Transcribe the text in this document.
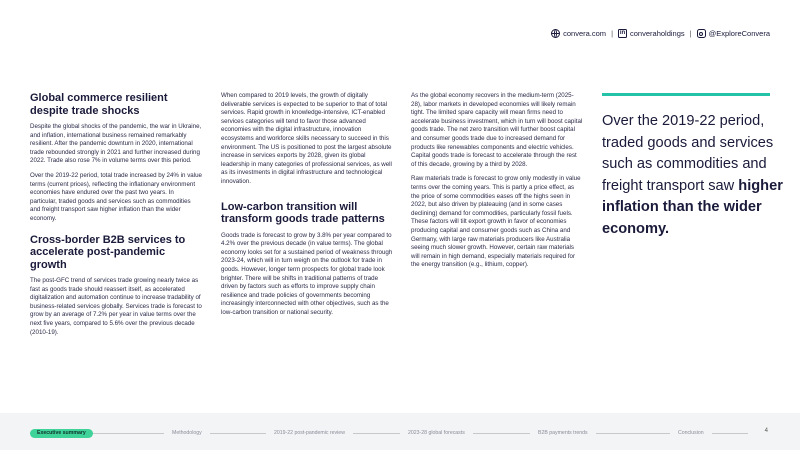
convera.com |	in converaholdings | @ExploreConvera
Global commerce resilient despite trade shocks

Despite the global shocks of the pandemic, the war in Ukraine, and inflation, international business remained remarkably resilient. After the pandemic downturn in 2020, international trade rebounded strongly in 2021 and further increased during 2022. Trade also rose 7% in volume terms over this period.

Over the 2019-22 period, total trade increased by 24% in value terms (current prices), reflecting the inflationary environment economies have endured over the past two years. In particular, traded goods and services such as commodities and freight transport saw higher inflation than the wider economy.

Cross-border B2B services to accelerate post-pandemic growth

The post-GFC trend of services trade growing nearly twice as fast as goods trade should reassert itself, as accelerated digitalization and automation continue to increase tradability of business-related services globally. Services trade is forecast to grow by an average of 7.2% per year in value terms over the next five years, compared to 5.6% over the previous decade (2010-19).

When compared to 2019 levels, the growth of digitally deliverable services is expected to be superior to that of total services. Rapid growth in knowledge-intensive, ICT-enabled services categories will tend to favor those advanced economies with the digital infrastructure, innovation ecosystems and workforce skills necessary to succeed in this environment. The US is positioned to post the largest absolute increase in services exports by 2028, given its global leadership in many categories of professional services, as well as its investments in digital infrastructure and technological innovation.

Low-carbon transition will transform goods trade patterns

Goods trade is forecast to grow by 3.8% per year compared to 4.2% over the previous decade (in value terms). The global economy looks set for a sustained period of weakness through 2023-24, which will in turn weigh on the outlook for trade in goods. However, longer term prospects for global trade look brighter. There will be shifts in traditional patterns of trade driven by factors such as efforts to improve supply chain resilience and trade policies of governments becoming increasingly interconnected with other objectives, such as the low-carbon transition or national security.

As the global economy recovers in the medium-term (2025-28), labor markets in developed economies will likely remain tight. The limited spare capacity will mean firms need to accelerate business investment, which in turn will boost capital goods trade. The net zero transition will further boost capital and consumer goods trade due to increased demand for products like renewables components and electric vehicles. Capital goods trade is forecast to accelerate through the rest of this decade, growing by a third by 2028.

Raw materials trade is forecast to grow only modestly in value terms over the coming years. This is partly a price effect, as the price of some commodities eases off the highs seen in 2022, but also driven by plateauing (and in some cases declining) demand for commodities, particularly fossil fuels. These factors will tilt export growth in favor of economies producing capital and consumer goods such as China and Germany, with large raw materials producers like Australia seeing much slower growth. However, certain raw materials will remain in high demand, especially materials required for the energy transition (e.g., lithium, copper).

Over the 2019-22 period, traded goods and services such as commodities and freight transport saw higher inflation than the wider economy.
Executive summary	Methodology	2019-22 post-pandemic review	2023-28 global forecasts	B2B payments trends	Conclusion	4
